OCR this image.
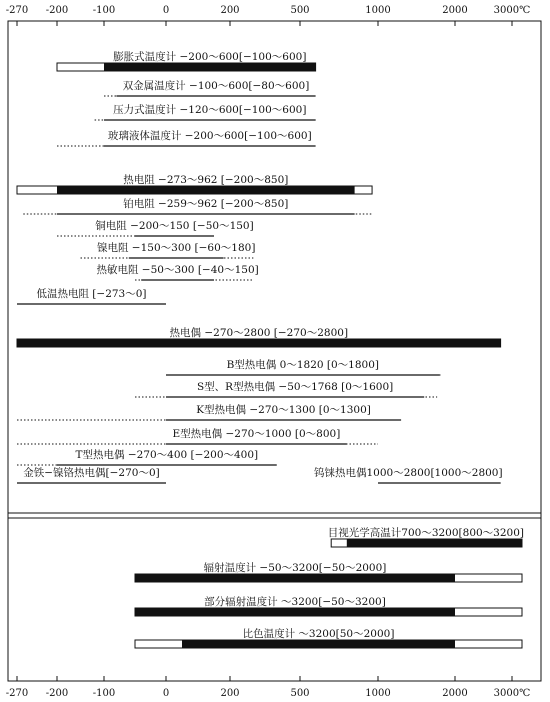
-270 -200 -100	0	200	500	1000	2000	3000℃
-270 -200 -100	0	200	500	1000	2000	3000℃
膨胀式温度计 −200～600[−100～600]
双金属温度计 −100～600[−80～600]
压力式温度计 −120～600[−100～600]
玻璃液体温度计 −200～600[−100～600]
热电阻 −273～962 [−200～850]
铂电阻 −259～962 [−200～850]
铜电阻 −200～150 [−50～150]
镍电阻 −150～300 [−60～180]
热敏电阻 −50～300 [−40～150]
低温热电阻 [−273～0]
热电偶 −270～2800 [−270～2800]
B型热电偶 0～1820 [0～1800]
S型、R型热电偶 −50～1768 [0～1600]
K型热电偶 −270～1300 [0～1300]
E型热电偶 −270～1000 [0～800]
T型热电偶 −270～400 [−200～400]
金铁−镍铬热电偶[−270～0]	钨铼热电偶1000～2800[1000～2800]
目视光学高温计700～3200[800～3200]
辐射温度计 −50～3200[−50～2000]
部分辐射温度计 ～3200[−50～3200]
比色温度计 ～3200[50～2000]
